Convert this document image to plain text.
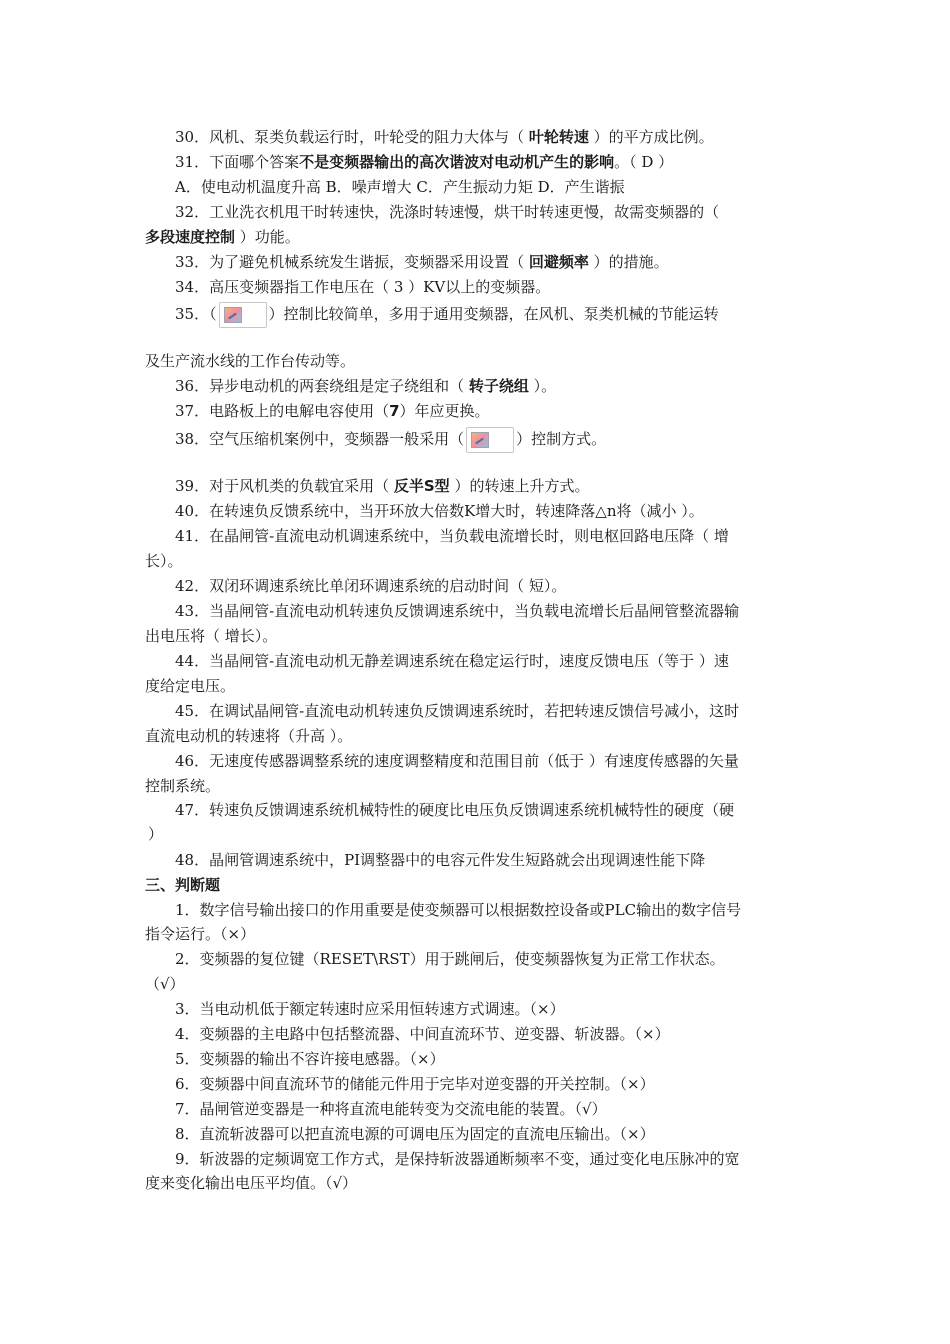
30．风机、泵类负载运行时，叶轮受的阻力大体与（ 叶轮转速 ）的平方成比例。
31．下面哪个答案不是变频器输出的高次谐波对电动机产生的影响。（ D ）
A．使电动机温度升高 B．噪声增大 C．产生振动力矩 D．产生谐振
32．工业洗衣机甩干时转速快，洗涤时转速慢，烘干时转速更慢，故需变频器的（
多段速度控制 ）功能。
33．为了避免机械系统发生谐振，变频器采用设置（ 回避频率 ）的措施。
34．高压变频器指工作电压在（ 3 ）KV以上的变频器。
35．（	）控制比较简单，多用于通用变频器，在风机、泵类机械的节能运转
及生产流水线的工作台传动等。
36．异步电动机的两套绕组是定子绕组和（ 转子绕组 ）。
37．电路板上的电解电容使用（7）年应更换。
38．空气压缩机案例中，变频器一般采用（	）控制方式。
39．对于风机类的负载宜采用（ 反半S型 ）的转速上升方式。
40．在转速负反馈系统中，当开环放大倍数K增大时，转速降落△n将（减小 ）。
41．在晶闸管-直流电动机调速系统中，当负载电流增长时，则电枢回路电压降（ 增
长）。
42．双闭环调速系统比单闭环调速系统的启动时间（ 短）。
43．当晶闸管-直流电动机转速负反馈调速系统中，当负载电流增长后晶闸管整流器输
出电压将（ 增长）。
44．当晶闸管-直流电动机无静差调速系统在稳定运行时，速度反馈电压（等于 ）速
度给定电压。
45．在调试晶闸管-直流电动机转速负反馈调速系统时，若把转速反馈信号减小，这时
直流电动机的转速将（升高 ）。
46．无速度传感器调整系统的速度调整精度和范围目前（低于 ）有速度传感器的矢量
控制系统。
47．转速负反馈调速系统机械特性的硬度比电压负反馈调速系统机械特性的硬度（硬
）
48．晶闸管调速系统中，PI调整器中的电容元件发生短路就会出现调速性能下降
三、判断题
1．数字信号输出接口的作用重要是使变频器可以根据数控设备或PLC输出的数字信号
指令运行。（×）
2．变频器的复位键（RESET\RST）用于跳闸后，使变频器恢复为正常工作状态。
（√）
3．当电动机低于额定转速时应采用恒转速方式调速。（×）
4．变频器的主电路中包括整流器、中间直流环节、逆变器、斩波器。（×）
5．变频器的输出不容许接电感器。（×）
6．变频器中间直流环节的储能元件用于完毕对逆变器的开关控制。（×）
7．晶闸管逆变器是一种将直流电能转变为交流电能的装置。（√）
8．直流斩波器可以把直流电源的可调电压为固定的直流电压输出。（×）
9．斩波器的定频调宽工作方式，是保持斩波器通断频率不变，通过变化电压脉冲的宽
度来变化输出电压平均值。（√）
